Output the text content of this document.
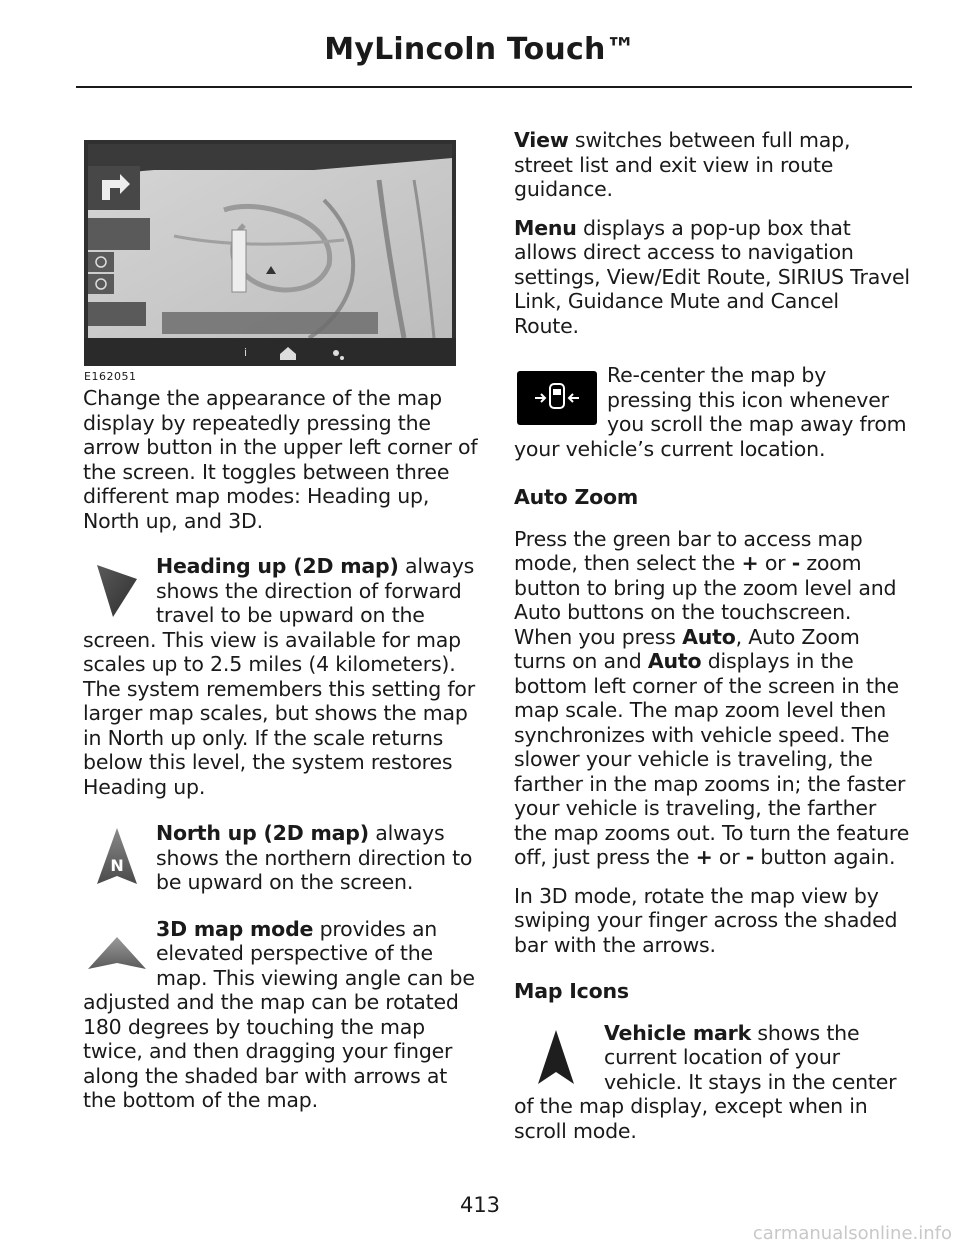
MyLincoln Touch™
i
E162051

Change the appearance of the map display by repeatedly pressing the arrow button in the upper left corner of the screen. It toggles between three different map modes: Heading up, North up, and 3D.

Heading up (2D map) always shows the direction of forward travel to be upward on the screen. This view is available for map scales up to 2.5 miles (4 kilometers). The system remembers this setting for larger map scales, but shows the map in North up only. If the scale returns below this level, the system restores Heading up.

N

North up (2D map) always shows the northern direction to be upward on the screen.

3D map mode provides an elevated perspective of the map. This viewing angle can be adjusted and the map can be rotated 180 degrees by touching the map twice, and then dragging your finger along the shaded bar with arrows at the bottom of the map.

View switches between full map, street list and exit view in route guidance.

Menu displays a pop-up box that allows direct access to navigation settings, View/Edit Route, SIRIUS Travel Link, Guidance Mute and Cancel Route.

Re-center the map by pressing this icon whenever you scroll the map away from your vehicle’s current location.

Auto Zoom

Press the green bar to access map mode, then select the + or - zoom button to bring up the zoom level and Auto buttons on the touchscreen. When you press Auto, Auto Zoom turns on and Auto displays in the bottom left corner of the screen in the map scale. The map zoom level then synchronizes with vehicle speed. The slower your vehicle is traveling, the farther in the map zooms in; the faster your vehicle is traveling, the farther the map zooms out. To turn the feature off, just press the + or - button again.

In 3D mode, rotate the map view by swiping your finger across the shaded bar with the arrows.

Map Icons

Vehicle mark shows the current location of your vehicle. It stays in the center of the map display, except when in scroll mode.

413
carmanualsonline.info
